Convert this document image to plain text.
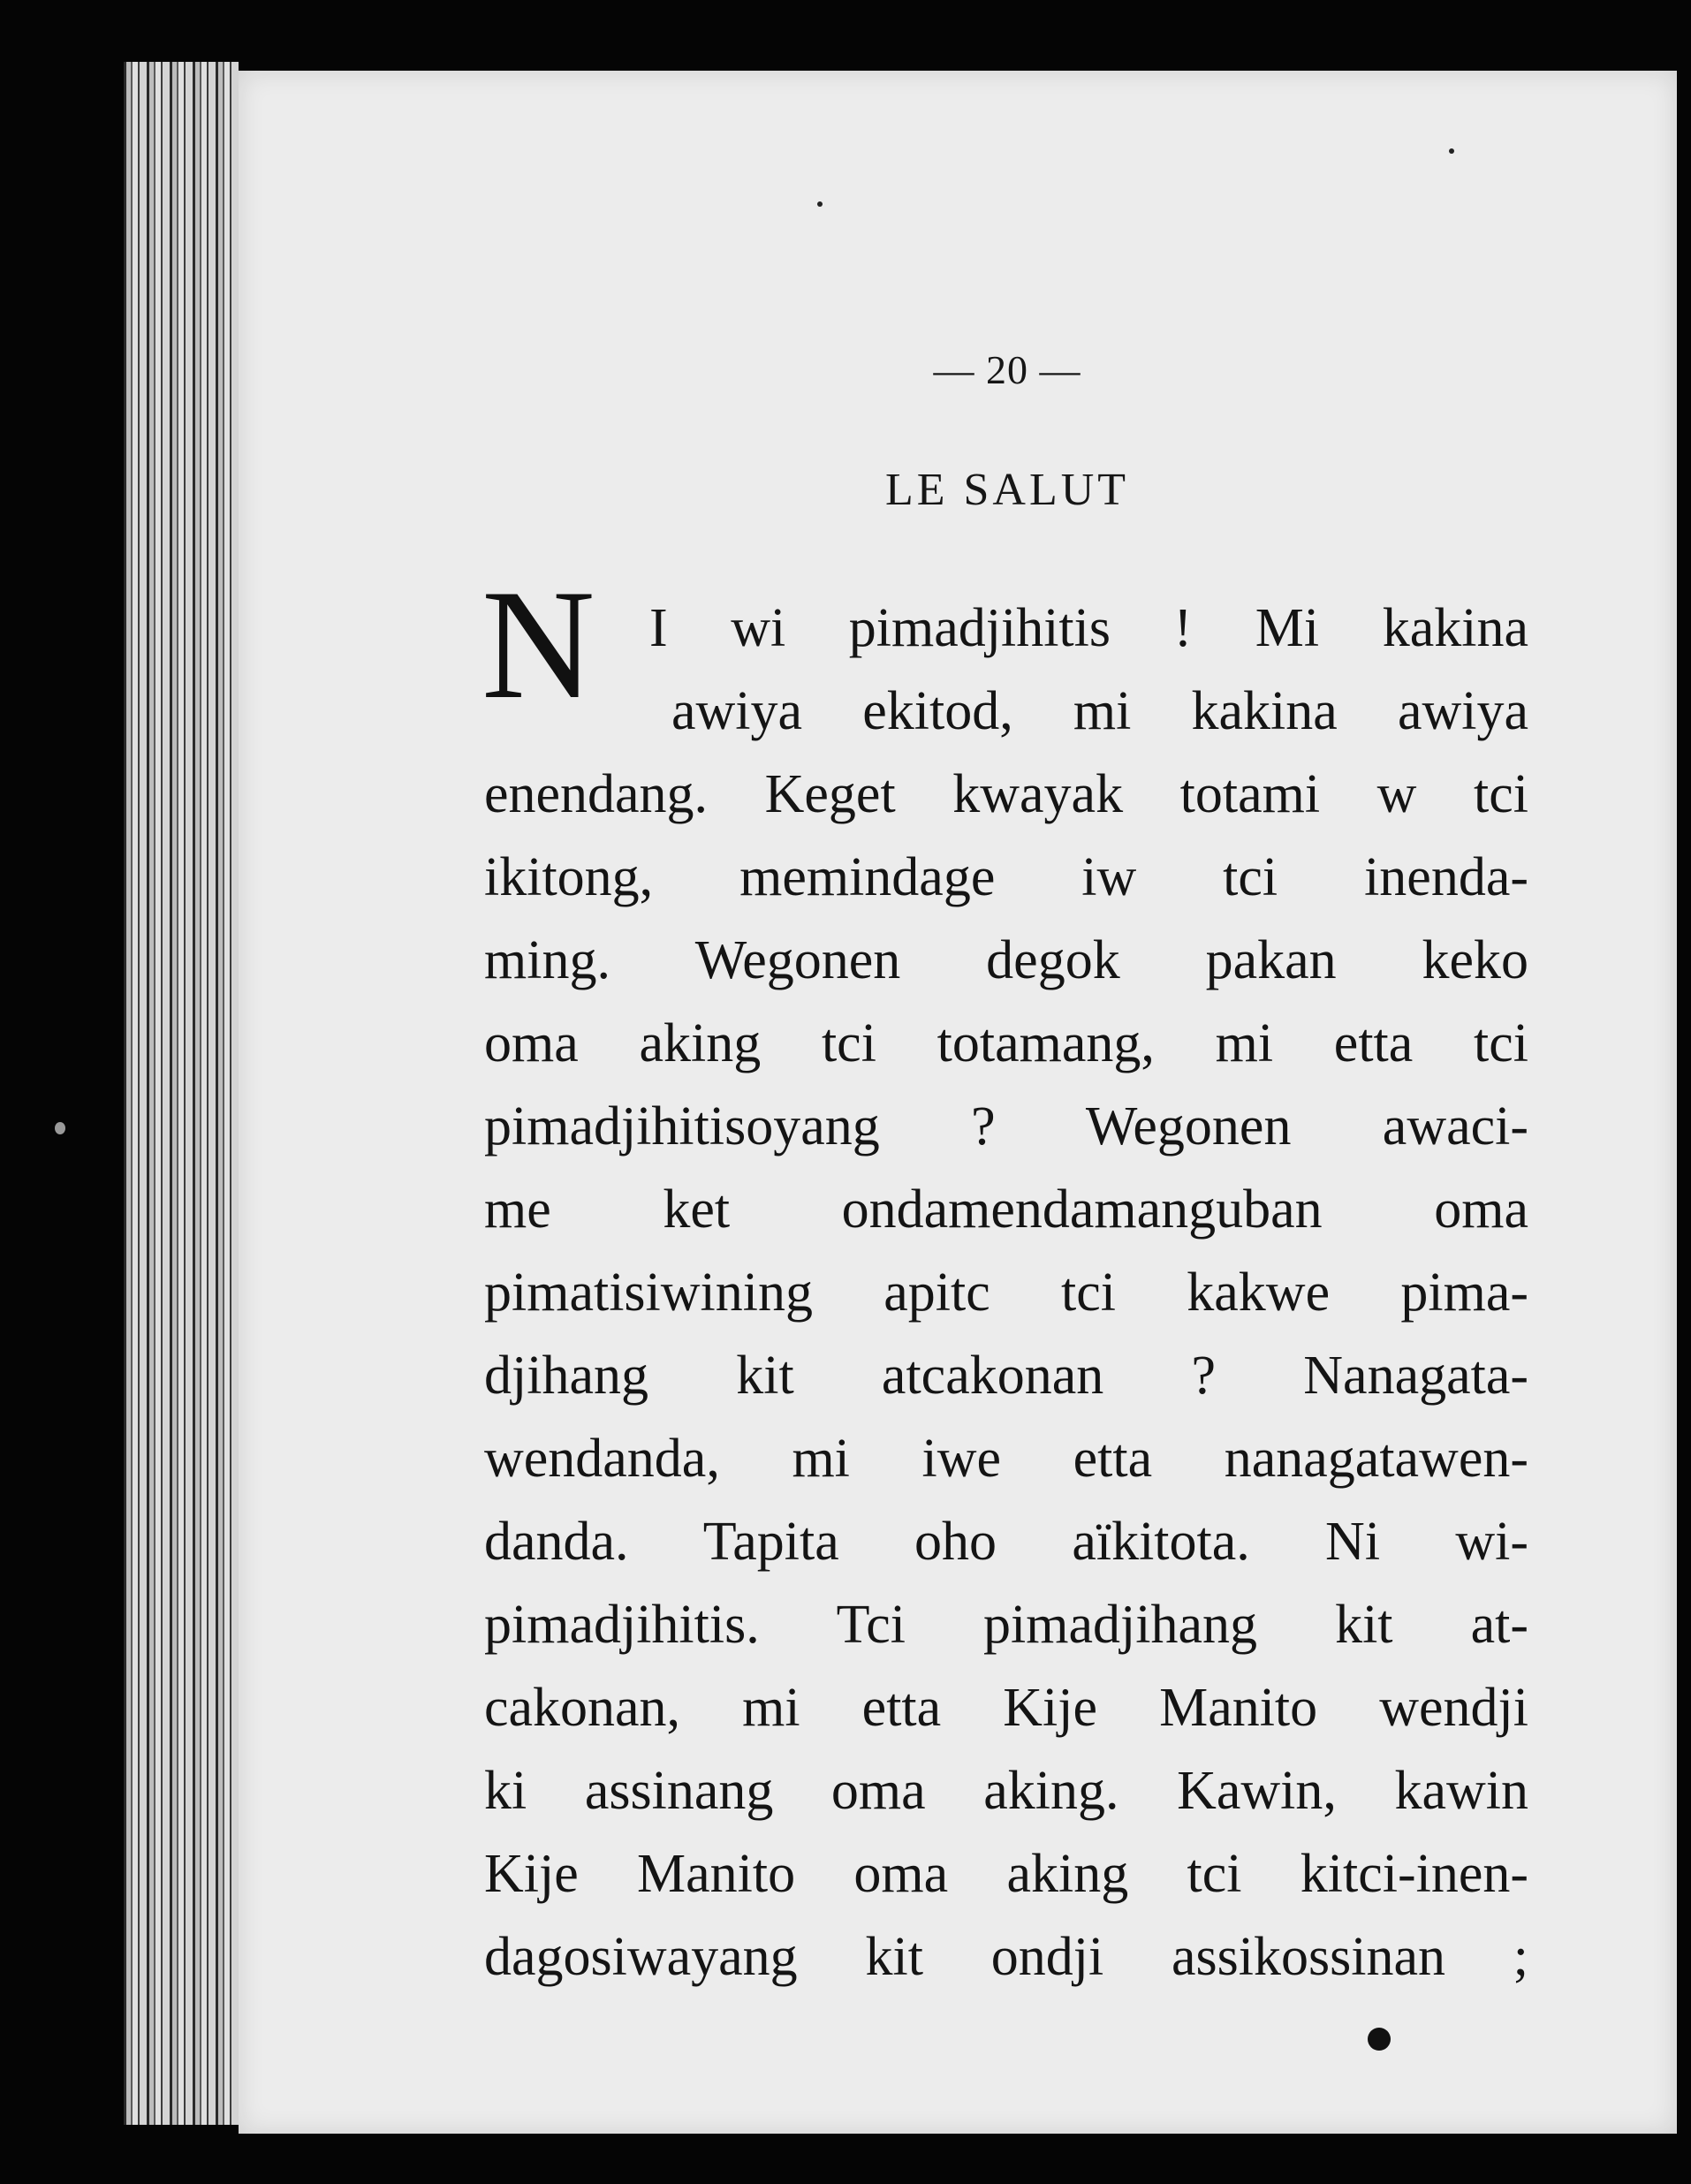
— 20 —
LE SALUT
N I wi pimadjihitis ! Mi kakina
awiya ekitod, mi kakina awiya
enendang. Keget kwayak totami w tci
ikitong, memindage iw tci inenda-
ming. Wegonen degok pakan keko
oma aking tci totamang, mi etta tci
pimadjihitisoyang ? Wegonen awaci-
me ket ondamendamanguban oma
pimatisiwining apitc tci kakwe pima-
djihang kit atcakonan ? Nanagata-
wendanda, mi iwe etta nanagatawen-
danda. Tapita oho aïkitota. Ni wi-
pimadjihitis. Tci pimadjihang kit at-
cakonan, mi etta Kije Manito wendji
ki assinang oma aking. Kawin, kawin
Kije Manito oma aking tci kitci-inen-
dagosiwayang kit ondji assikossinan ;
